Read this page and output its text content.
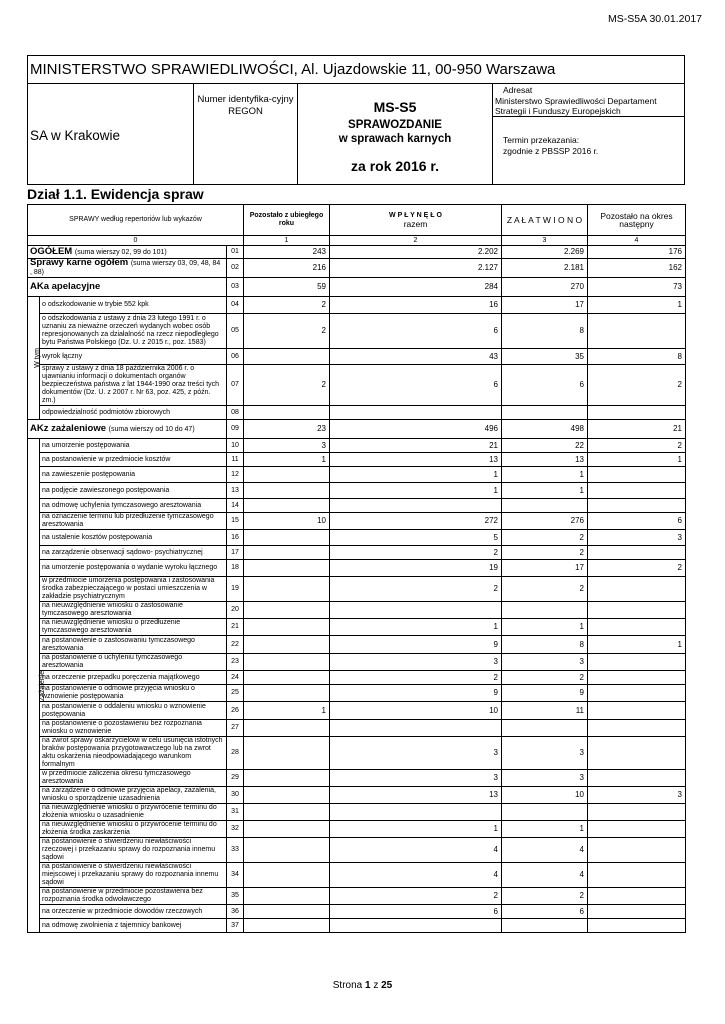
MS-S5A 30.01.2017
MINISTERSTWO SPRAWIEDLIWOŚCI, Al. Ujazdowskie 11, 00-950 Warszawa
SA w Krakowie
Numer identyfika-cyjny REGON	MS-S5
SPRAWOZDANIE
w sprawach karnych
za rok 2016 r.
Adresat
Ministerstwo Sprawiedliwości Departament
Strategii i Funduszy Europejskich
Termin przekazania:
zgodnie z PBSSP 2016 r.
Dział 1.1. Ewidencja spraw
SPRAWY według repertoriów lub wykazów			Pozostało z ubiegłego roku	W P Ł Y N Ę Ł O
razem	Z A Ł A T W I O N O	Pozostało na okres następny
0			1	2	3	4
OGÓŁEM (suma wierszy 02, 99 do 101)		01	243	2.202	2.269	176
Sprawy karne ogółem (suma wierszy 03, 09, 48, 84 , 88)		02	216	2.127	2.181	162
AKa apelacyjne		03	59	284	270	73
W tym	o odszkodowanie w trybie 552 kpk	04	2	16	17	1
	o odszkodowania z ustawy z dnia 23 lutego 1991 r. o uznaniu za nieważne orzeczeń wydanych wobec osób represjonowanych za działalność na rzecz niepodległego bytu Państwa Polskiego (Dz. U. z 2015 r., poz. 1583)	05	2	6	8	
	wyrok łączny	06		43	35	8
	sprawy z ustawy z dnia 18 października 2006 r. o ujawnianiu informacji o dokumentach organów bezpieczeństwa państwa z lat 1944-1990 oraz treści tych dokumentów (Dz. U. z 2007 r. Nr 63, poz. 425, z późn. zm.)	07	2	6	6	2
	odpowiedzialność podmiotów zbiorowych	08				
AKz zażaleniowe (suma wierszy od 10 do 47)		09	23	496	498	21
Zażalenie	na umorzenie postępowania	10	3	21	22	2
	na postanowienie w przedmiocie kosztów	11	1	13	13	1
	na zawieszenie postępowania	12		1	1	
	na podjęcie zawieszonego postępowania	13		1	1	
	na odmowę uchylenia tymczasowego aresztowania	14				
	na oznaczenie terminu lub przedłużenie tymczasowego aresztowania	15	10	272	276	6
	na ustalenie kosztów postępowania	16		5	2	3
	na zarządzenie obserwacji sądowo- psychiatrycznej	17		2	2	
	na umorzenie postępowania o wydanie wyroku łącznego	18		19	17	2
	w przedmiocie umorzenia postępowania i zastosowania środka zabezpieczającego w postaci umieszczenia w zakładzie psychiatrycznym	19		2	2	
	na nieuwzględnienie wniosku o zastosowanie tymczasowego aresztowania	20				
	na nieuwzględnienie wniosku o przedłużenie tymczasowego aresztowania	21		1	1	
	na postanowienie o zastosowaniu tymczasowego aresztowania	22		9	8	1
	na postanowienie o uchyleniu tymczasowego aresztowania	23		3	3	
	na orzeczenie przepadku poręczenia majątkowego	24		2	2	
	na postanowienie o odmowie przyjęcia wniosku o wznowienie postępowania	25		9	9	
	na postanowienie o oddaleniu wniosku o wznowienie postępowania	26	1	10	11	
	na postanowienie o pozostawieniu bez rozpoznania wniosku o wznowienie	27				
	na zwrot sprawy oskarżycielowi w celu usunięcia istotnych braków postępowania przygotowawczego lub na zwrot aktu oskarżenia nieodpowiadającego warunkom formalnym	28		3	3	
	w przedmiocie zaliczenia okresu tymczasowego aresztowania	29		3	3	
	na zarządzenie o odmowie przyjęcia apelacji, zażalenia, wniosku o sporządzenie uzasadnienia	30		13	10	3
	na nieuwzględnienie wniosku o przywrócenie terminu do złożenia wniosku o uzasadnienie	31				
	na nieuwzględnienie wniosku o przywrócenie terminu do złożenia środka zaskarżenia	32		1	1	
	na postanowienie o stwierdzeniu niewłaściwości rzeczowej i przekazaniu sprawy do rozpoznania innemu sądowi	33		4	4	
	na postanowienie o stwierdzeniu niewłaściwości miejscowej i przekazaniu sprawy do rozpoznania innemu sądowi	34		4	4	
	na postanowienie w przedmiocie pozostawienia bez rozpoznania środka odwoławczego	35		2	2	
	na orzeczenie w przedmiocie dowodów rzeczowych	36		6	6	
	na odmowę zwolnienia z tajemnicy bankowej	37				
Strona 1 z 25
